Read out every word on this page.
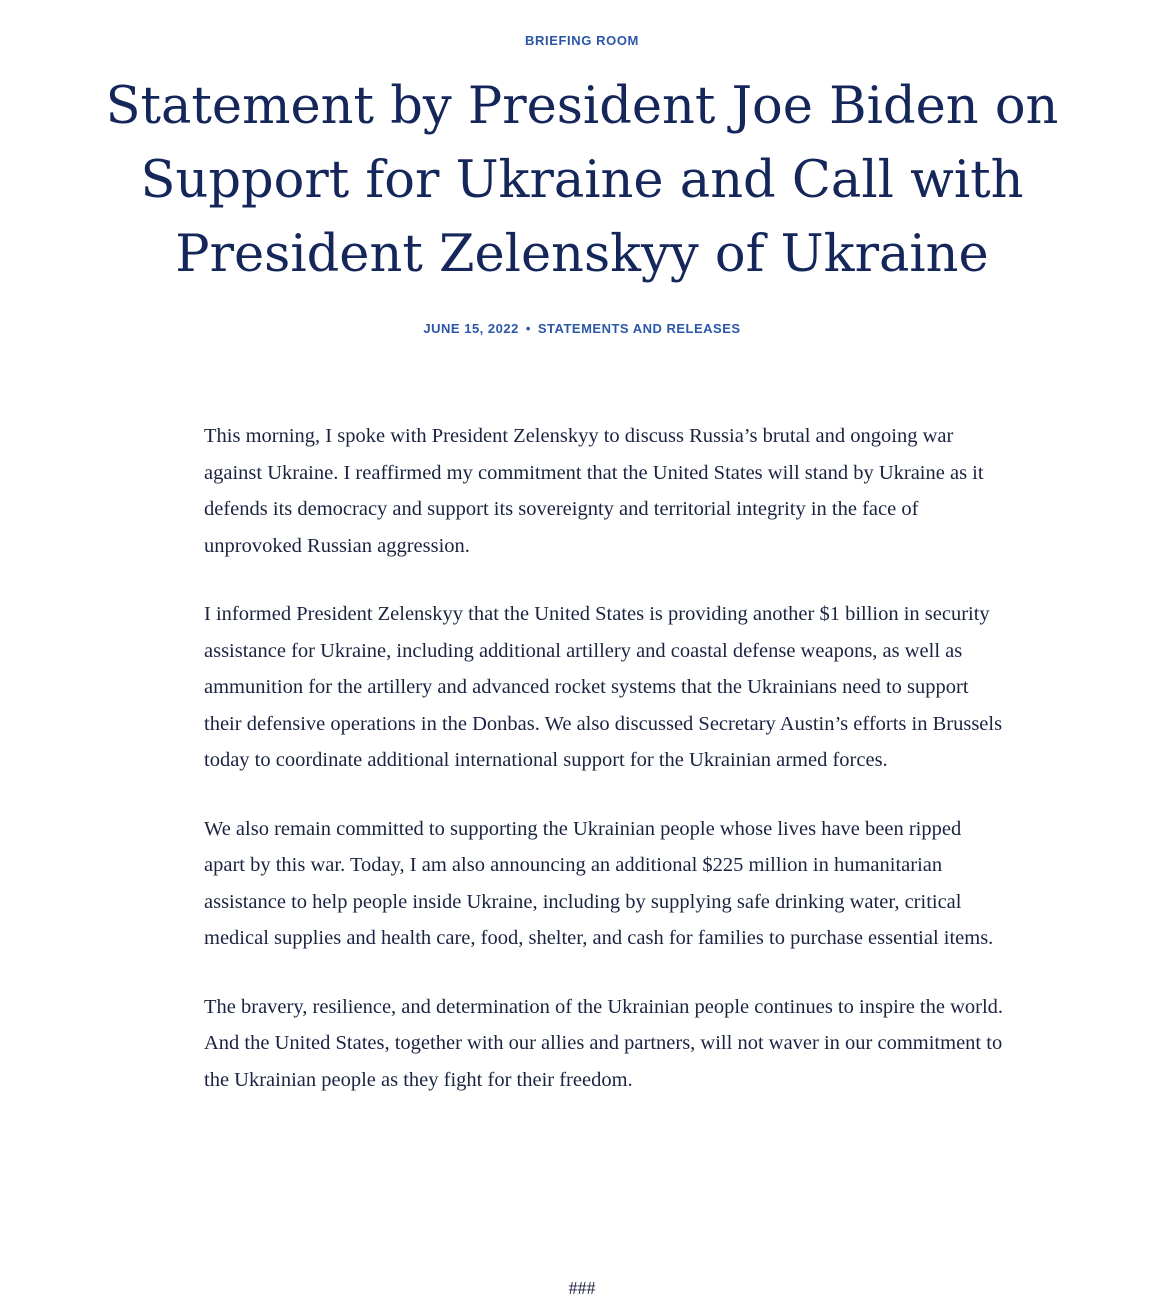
BRIEFING ROOM
Statement by President Joe Biden on Support for Ukraine and Call with President Zelenskyy of Ukraine
JUNE 15, 2022 • STATEMENTS AND RELEASES

This morning, I spoke with President Zelenskyy to discuss Russia’s brutal and ongoing war against Ukraine. I reaffirmed my commitment that the United States will stand by Ukraine as it defends its democracy and support its sovereignty and territorial integrity in the face of unprovoked Russian aggression.

I informed President Zelenskyy that the United States is providing another $1 billion in security assistance for Ukraine, including additional artillery and coastal defense weapons, as well as ammunition for the artillery and advanced rocket systems that the Ukrainians need to support their defensive operations in the Donbas. We also discussed Secretary Austin’s efforts in Brussels today to coordinate additional international support for the Ukrainian armed forces.

We also remain committed to supporting the Ukrainian people whose lives have been ripped apart by this war. Today, I am also announcing an additional $225 million in humanitarian assistance to help people inside Ukraine, including by supplying safe drinking water, critical medical supplies and health care, food, shelter, and cash for families to purchase essential items.

The bravery, resilience, and determination of the Ukrainian people continues to inspire the world. And the United States, together with our allies and partners, will not waver in our commitment to the Ukrainian people as they fight for their freedom.

###
